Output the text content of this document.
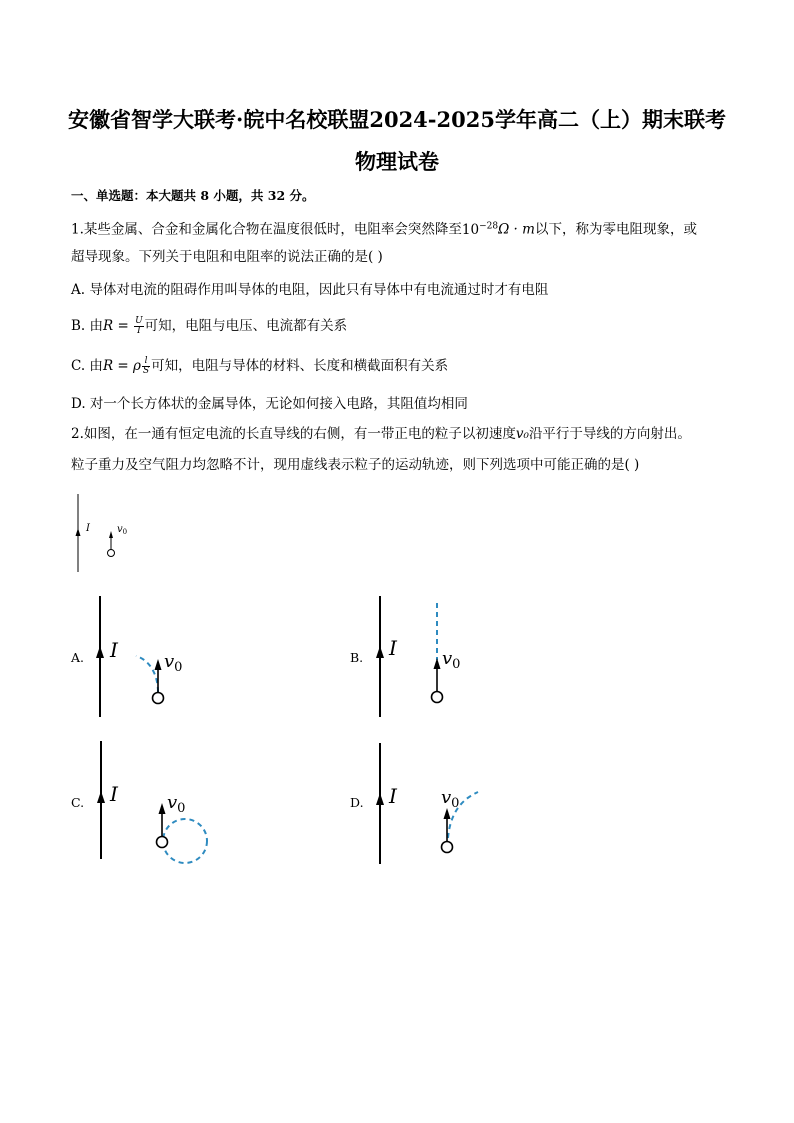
安徽省智学大联考·皖中名校联盟2024-2025学年高二（上）期末联考
物理试卷
一、单选题：本大题共 8 小题，共 32 分。
1.某些金属、合金和金属化合物在温度很低时，电阻率会突然降至$10^{-28}\Omega \cdot m$以下，称为零电阻现象，或
超导现象。下列关于电阻和电阻率的说法正确的是( )
A. 导体对电流的阻碍作用叫导体的电阻，因此只有导体中有电流通过时才有电阻
B. 由$R = \frac{U}{I}$ 可知，电阻与电压、电流都有关系
C. 由R = ρ $\frac{l}{S}$ 可知，电阻与导体的材料、长度和横截面积有关系
D. 对一个长方体状的金属导体，无论如何接入电路，其阻值均相同
2.如图，在一通有恒定电流的长直导线的右侧，有一带正电的粒子以初速度v₀沿平行于导线的方向射出。
粒子重力及空气阻力均忽略不计，现用虚线表示粒子的运动轨迹，则下列选项中可能正确的是( )
A.	B.
C.	D.
I	$v_0$
I	$v_0$
I	$v_0$
I	$v_0$
I $v_0$
